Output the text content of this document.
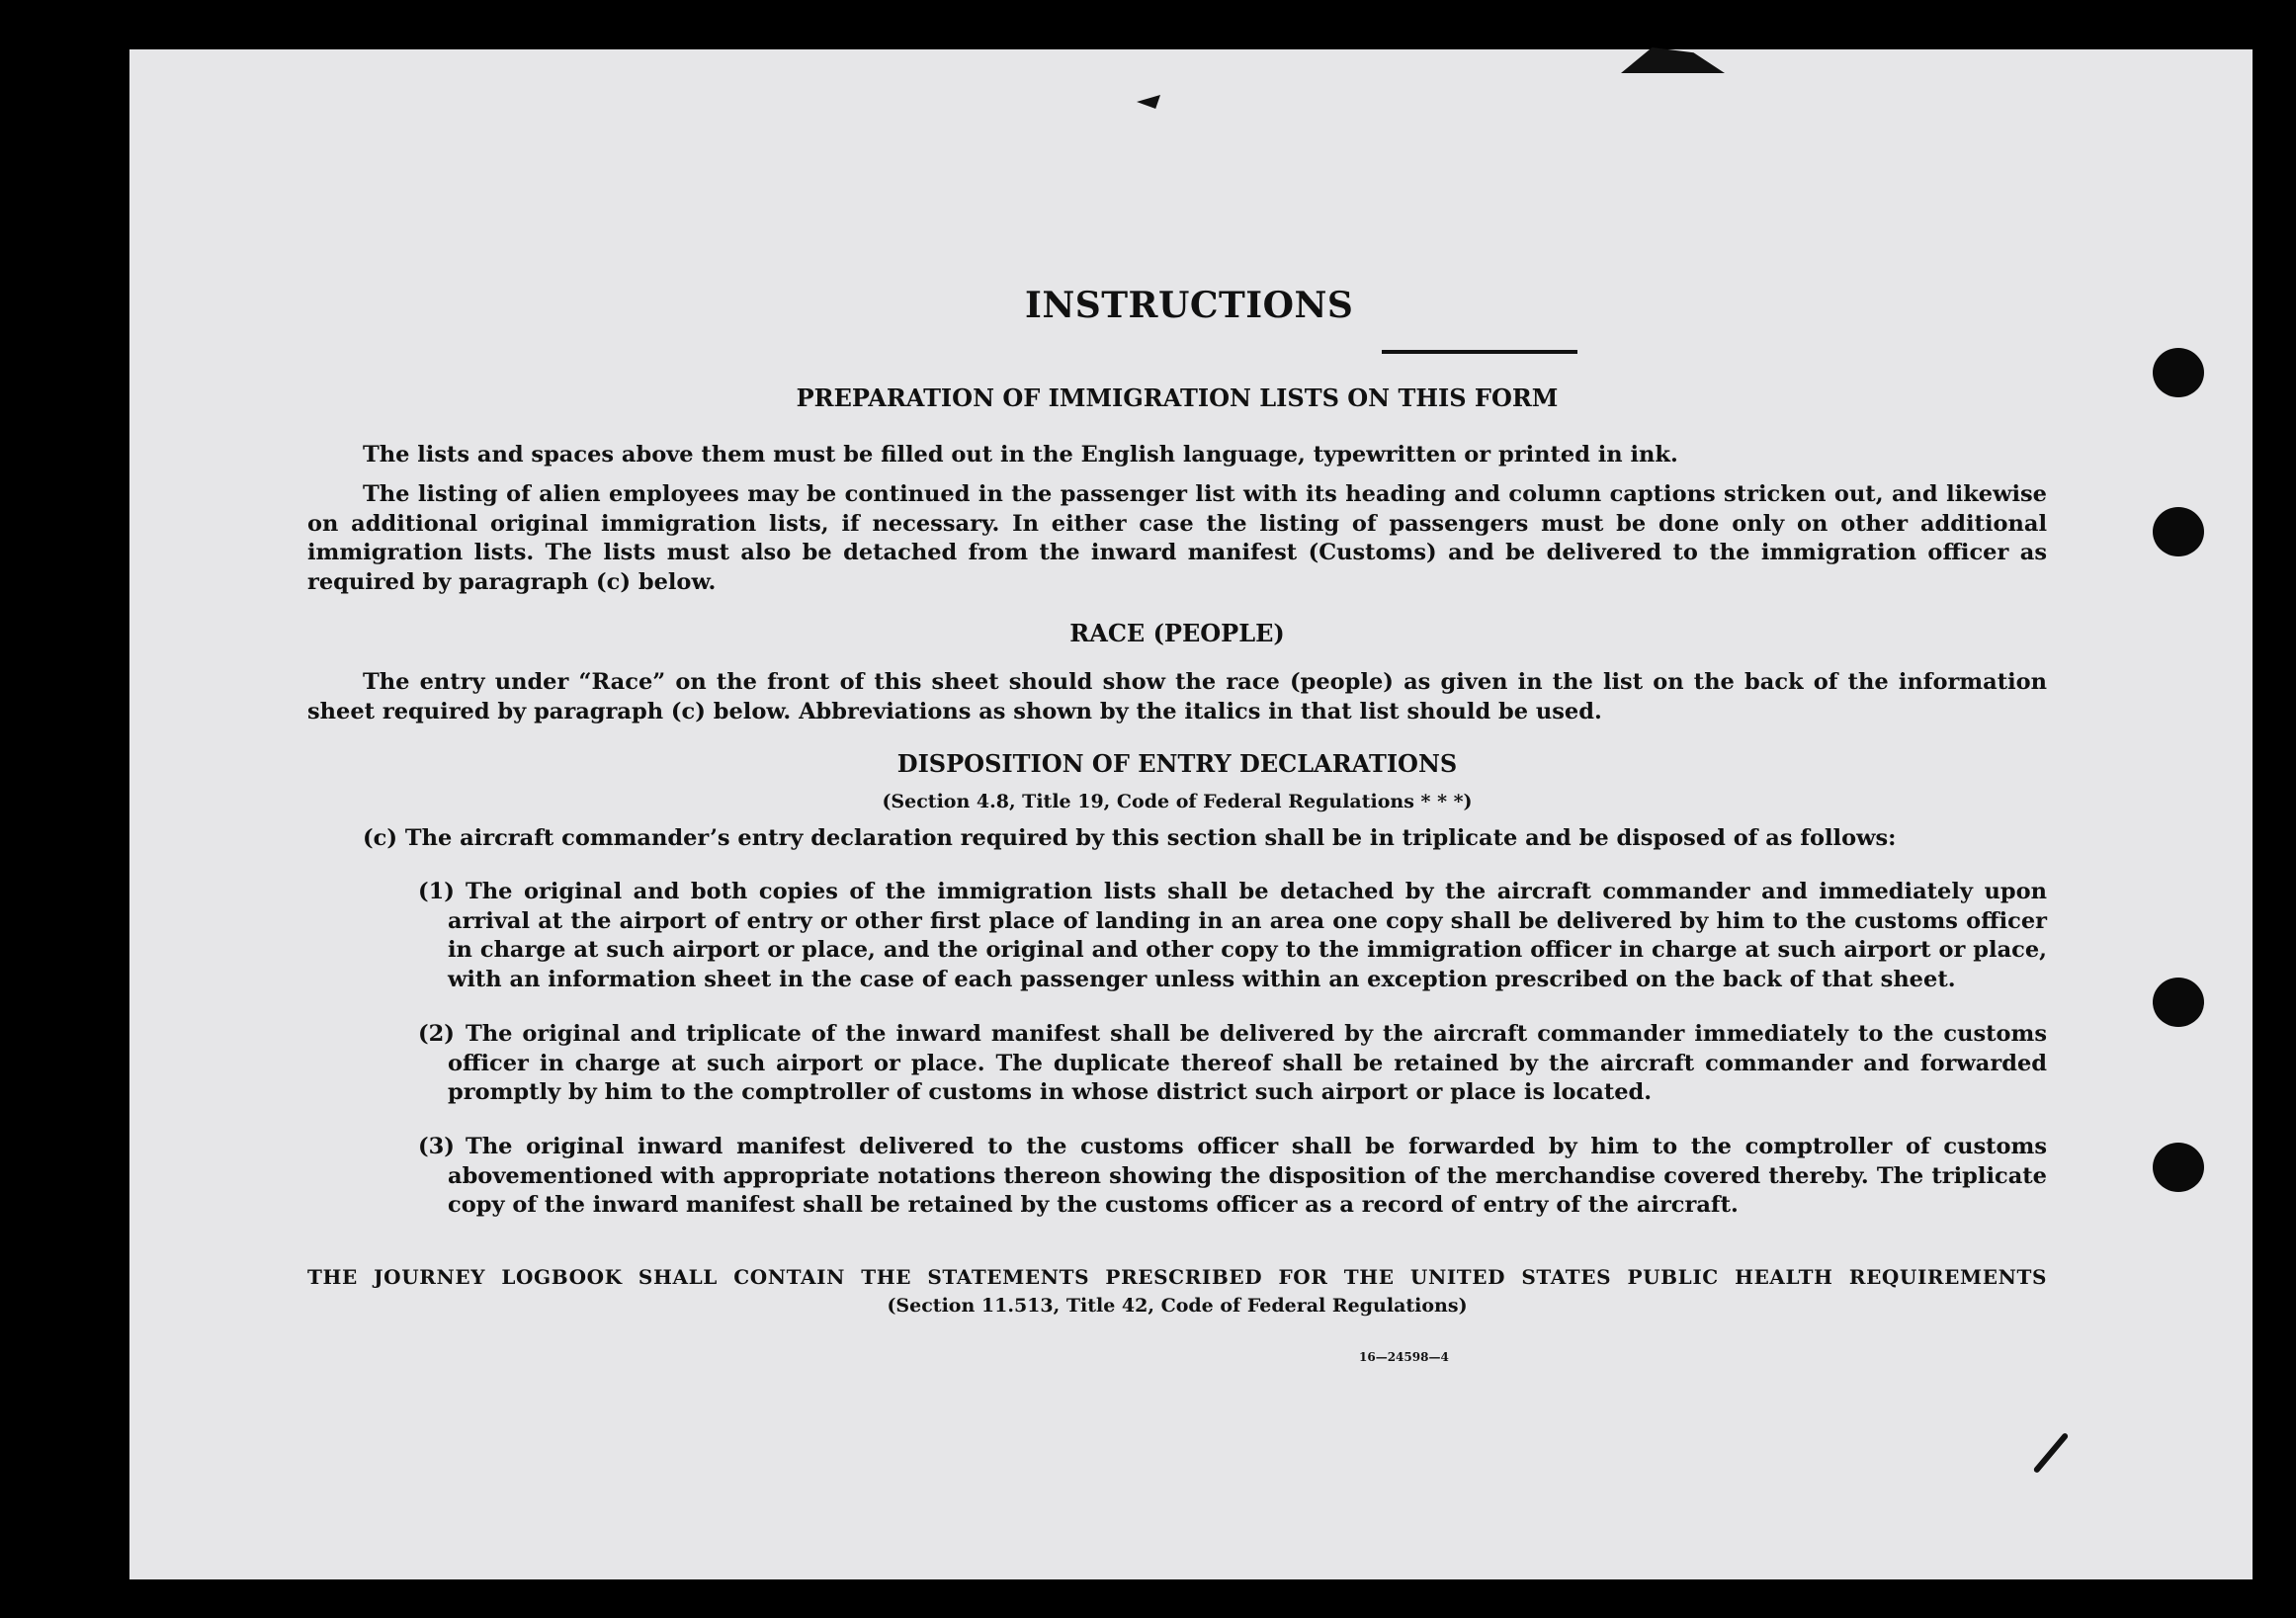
INSTRUCTIONS
PREPARATION OF IMMIGRATION LISTS ON THIS FORM
The lists and spaces above them must be filled out in the English language, typewritten or printed in ink.
The listing of alien employees may be continued in the passenger list with its heading and column captions stricken out, and likewise on additional original immigration lists, if necessary. In either case the listing of passengers must be done only on other additional immigration lists. The lists must also be detached from the inward manifest (Customs) and be delivered to the immigration officer as required by paragraph (c) below.
RACE (PEOPLE)
The entry under “Race” on the front of this sheet should show the race (people) as given in the list on the back of the information sheet required by paragraph (c) below. Abbreviations as shown by the italics in that list should be used.
DISPOSITION OF ENTRY DECLARATIONS
(Section 4.8, Title 19, Code of Federal Regulations * * *)
(c) The aircraft commander’s entry declaration required by this section shall be in triplicate and be disposed of as follows:
(1) The original and both copies of the immigration lists shall be detached by the aircraft commander and immediately upon arrival at the airport of entry or other first place of landing in an area one copy shall be delivered by him to the customs officer in charge at such airport or place, and the original and other copy to the immigration officer in charge at such airport or place, with an information sheet in the case of each passenger unless within an exception prescribed on the back of that sheet.
(2) The original and triplicate of the inward manifest shall be delivered by the aircraft commander immediately to the customs officer in charge at such airport or place. The duplicate thereof shall be retained by the aircraft commander and forwarded promptly by him to the comptroller of customs in whose district such airport or place is located.
(3) The original inward manifest delivered to the customs officer shall be forwarded by him to the comptroller of customs abovementioned with appropriate notations thereon showing the disposition of the merchandise covered thereby. The triplicate copy of the inward manifest shall be retained by the customs officer as a record of entry of the aircraft.
THE JOURNEY LOGBOOK SHALL CONTAIN THE STATEMENTS PRESCRIBED FOR THE UNITED STATES PUBLIC HEALTH REQUIREMENTS
(Section 11.513, Title 42, Code of Federal Regulations)
16—24598—4
